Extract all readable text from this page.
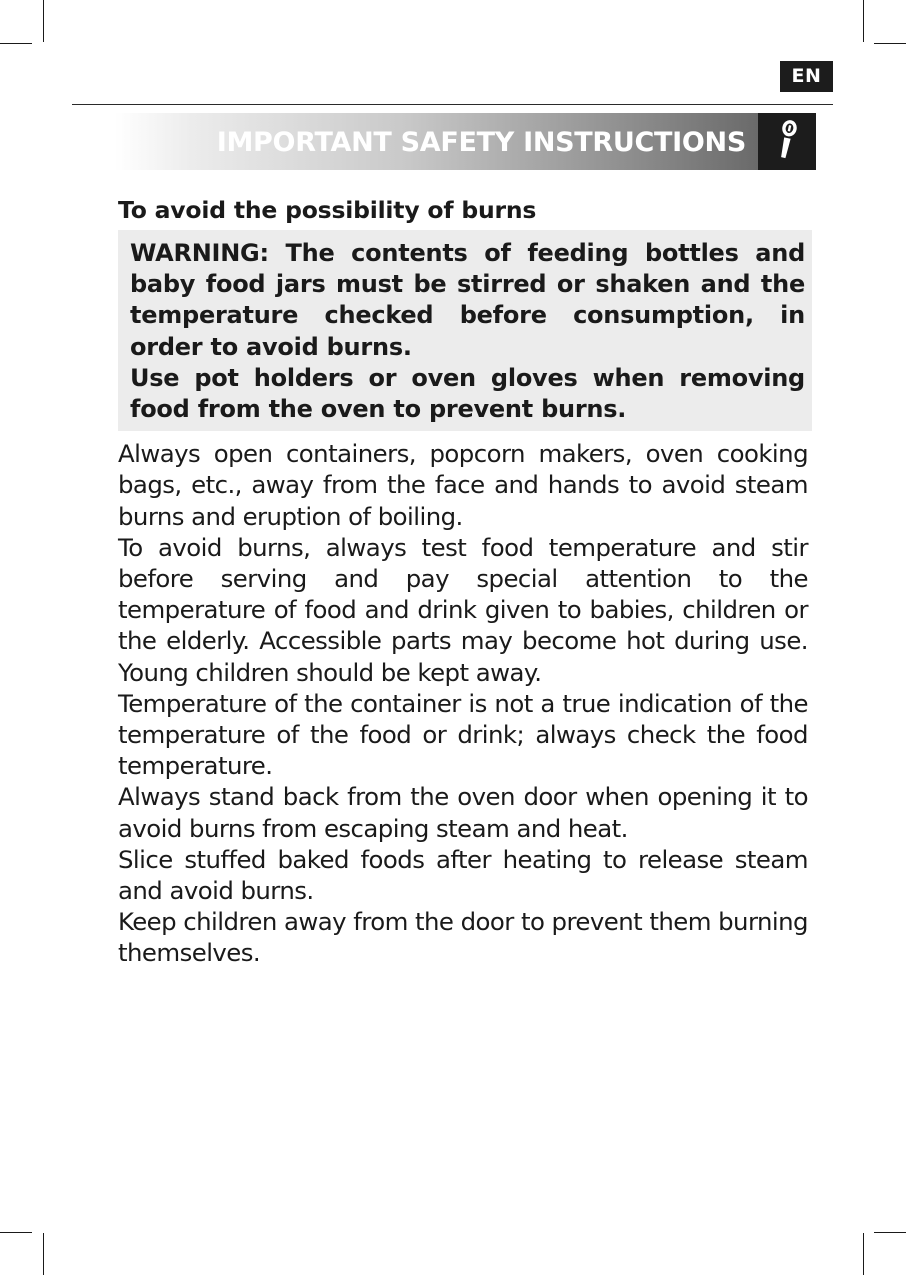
EN
IMPORTANT SAFETY INSTRUCTIONS
To avoid the possibility of burns

WARNING: The contents of feeding bottles and baby food jars must be stirred or shaken and the temperature checked before consumption, in order to avoid burns.

Use pot holders or oven gloves when removing food from the oven to prevent burns.

Always open containers, popcorn makers, oven cooking bags, etc., away from the face and hands to avoid steam burns and eruption of boiling.

To avoid burns, always test food temperature and stir before serving and pay special attention to the temperature of food and drink given to babies, children or the elderly. Accessible parts may become hot during use. Young children should be kept away.

Temperature of the container is not a true indication of the temperature of the food or drink; always check the food temperature.

Always stand back from the oven door when opening it to avoid burns from escaping steam and heat.

Slice stuffed baked foods after heating to release steam and avoid burns.

Keep children away from the door to prevent them burning themselves.
